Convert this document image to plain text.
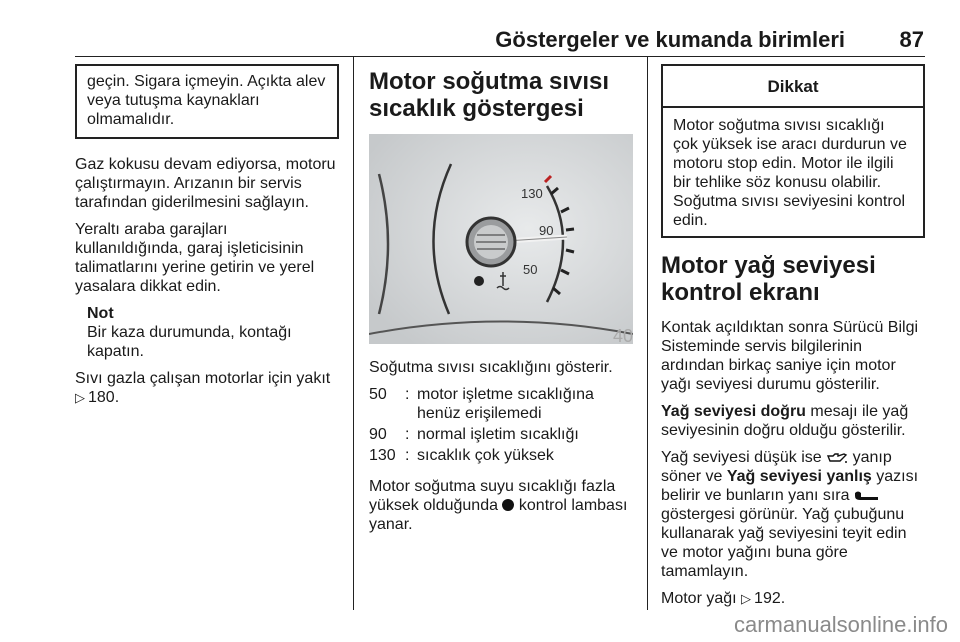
Göstergeler ve kumanda birimleri 87
geçin. Sigara içmeyin. Açıkta alev veya tutuşma kaynakları olmamalıdır.

Gaz kokusu devam ediyorsa, motoru çalıştırmayın. Arızanın bir servis tarafından giderilmesini sağlayın.

Yeraltı araba garajları kullanıldığında, garaj işleticisinin talimatlarını yerine getirin ve yerel yasalara dikkat edin.

Not
Bir kaza durumunda, kontağı kapatın.

Sıvı gazla çalışan motorlar için yakıt
▷ 180.

Motor soğutma sıvısı sıcaklık göstergesi
130
90
50
40

Soğutma sıvısı sıcaklığını gösterir.

50	: motor işletme sıcaklığına henüz erişilemedi
90	: normal işletim sıcaklığı
130 : sıcaklık çok yüksek

Motor soğutma suyu sıcaklığı fazla yüksek olduğunda kontrol lambası yanar.

Dikkat
Motor soğutma sıvısı sıcaklığı çok yüksek ise aracı durdurun ve motoru stop edin. Motor ile ilgili bir tehlike söz konusu olabilir.
Soğutma sıvısı seviyesini kontrol edin.
Motor yağ seviyesi kontrol ekranı

Kontak açıldıktan sonra Sürücü Bilgi Sisteminde servis bilgilerinin ardından birkaç saniye için motor yağı seviyesi durumu gösterilir.

Yağ seviyesi doğru mesajı ile yağ seviyesinin doğru olduğu gösterilir.

Yağ seviyesi düşük ise  yanıp söner ve Yağ seviyesi yanlış yazısı belirir ve bunların yanı sıra  göstergesi görünür. Yağ çubuğunu kullanarak yağ seviyesini teyit edin ve motor yağını buna göre tamamlayın.

Motor yağı ▷ 192.

carmanualsonline.info
